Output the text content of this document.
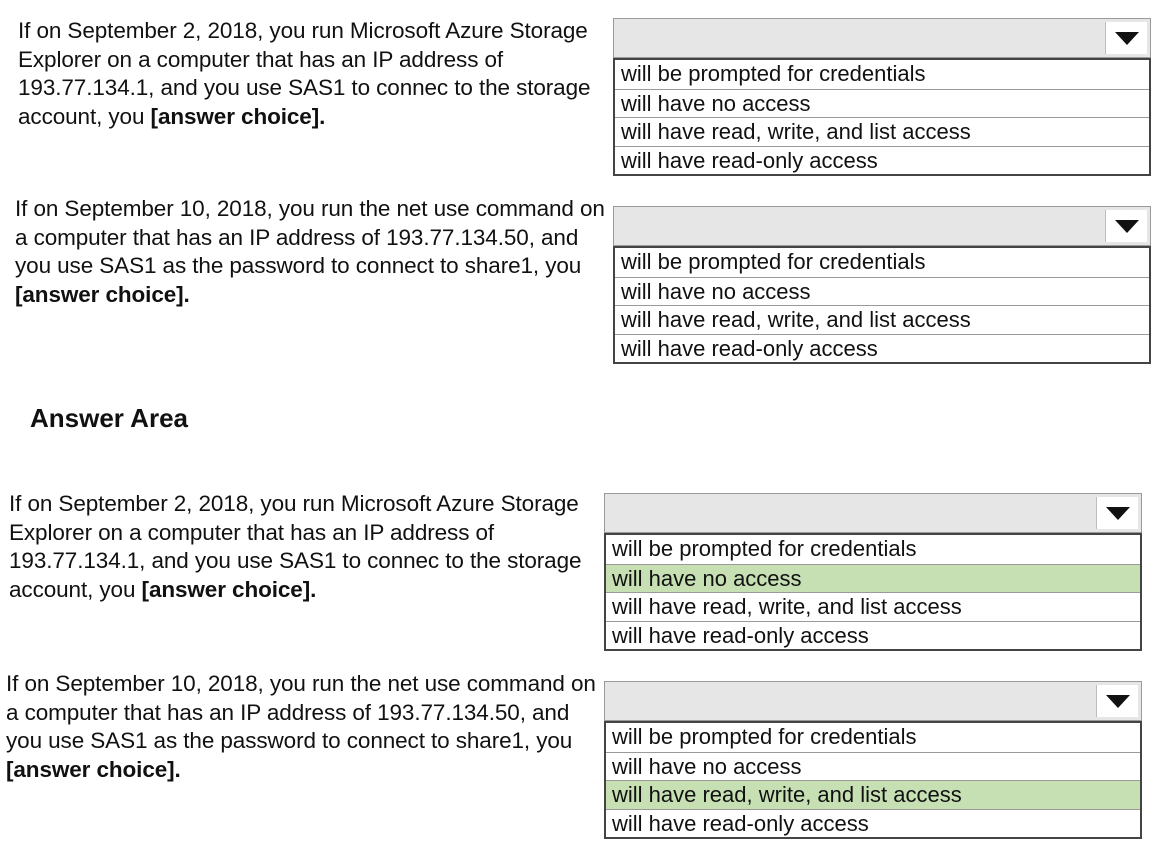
If on September 2, 2018, you run Microsoft Azure Storage Explorer on a computer that has an IP address of 193.77.134.1, and you use SAS1 to connec to the storage account, you [answer choice].

will be prompted for credentials
will have no access
will have read, write, and list access
will have read-only access

If on September 10, 2018, you run the net use command on a computer that has an IP address of 193.77.134.50, and you use SAS1 as the password to connect to share1, you [answer choice].

will be prompted for credentials
will have no access
will have read, write, and list access
will have read-only access
Answer Area

If on September 2, 2018, you run Microsoft Azure Storage Explorer on a computer that has an IP address of 193.77.134.1, and you use SAS1 to connec to the storage account, you [answer choice].

will be prompted for credentials
will have no access
will have read, write, and list access
will have read-only access

If on September 10, 2018, you run the net use command on a computer that has an IP address of 193.77.134.50, and you use SAS1 as the password to connect to share1, you [answer choice].

will be prompted for credentials
will have no access
will have read, write, and list access
will have read-only access
